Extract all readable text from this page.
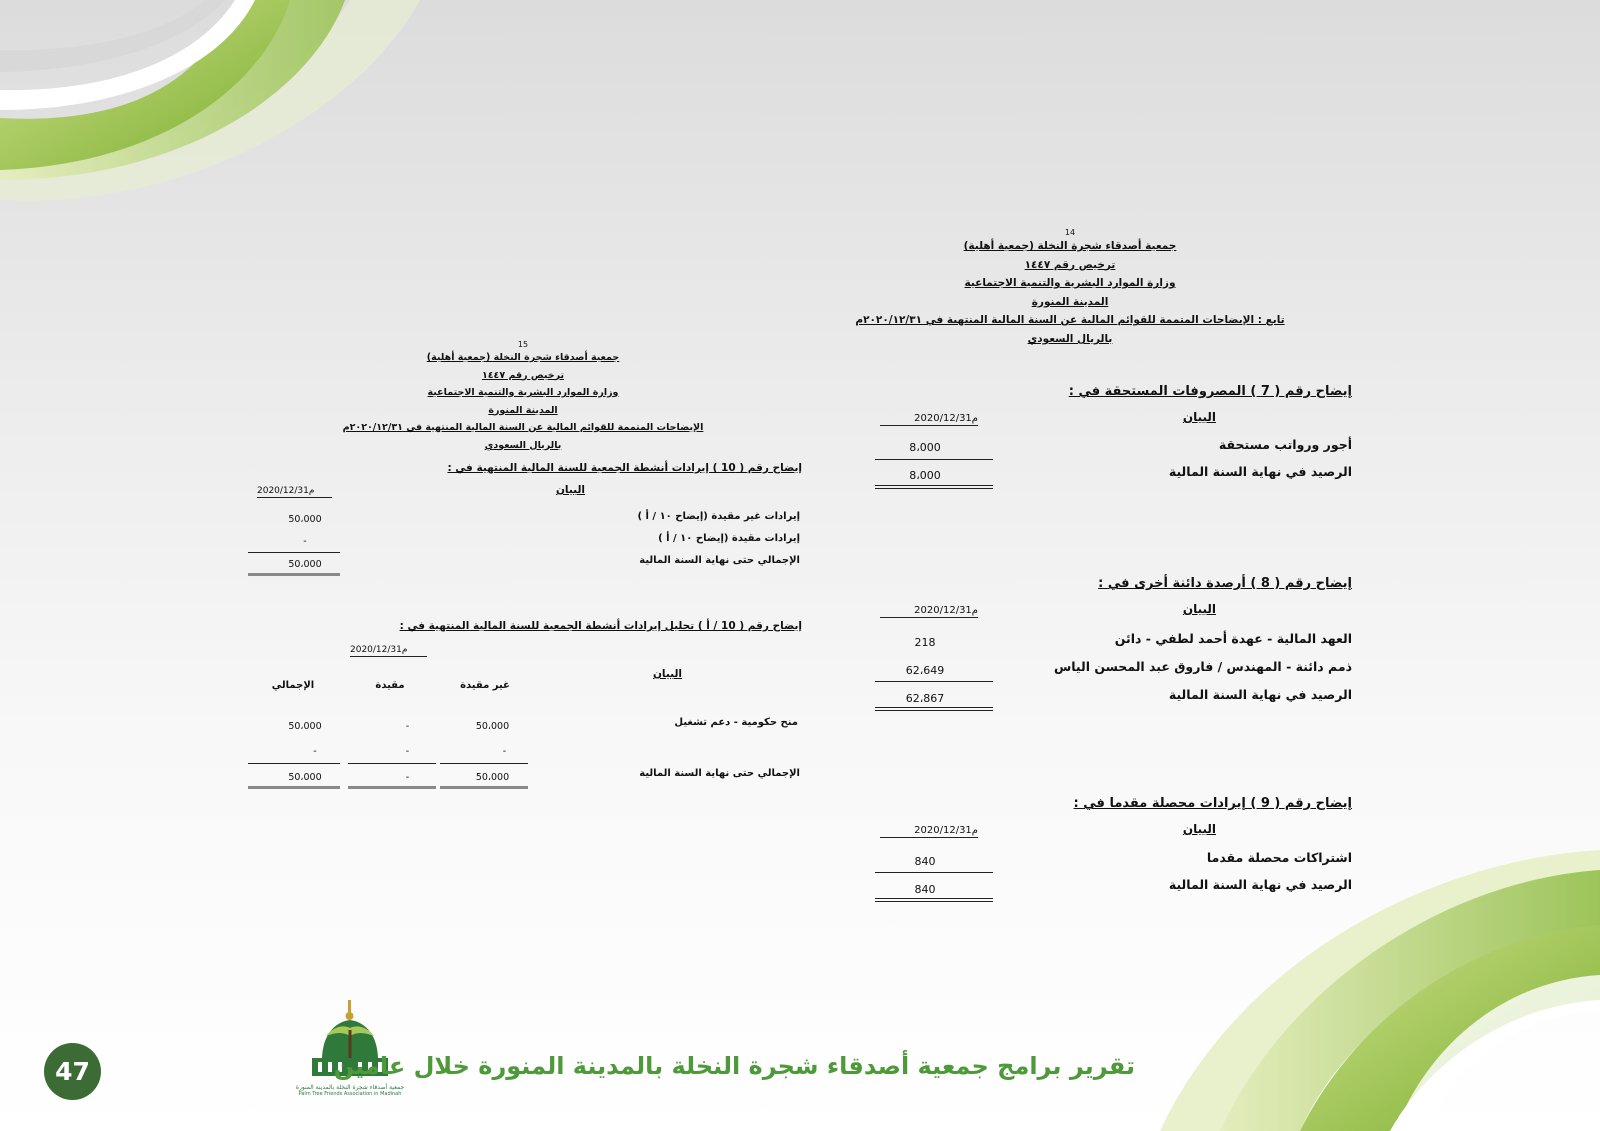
14
جمعية أصدقاء شجرة النخلة (جمعية أهلية)
ترخيص رقم ١٤٤٧
وزارة الموارد البشرية والتنمية الاجتماعية
المدينة المنورة
تابع : الإيضاحات المتممة للقوائم المالية عن السنة المالية المنتهية في ٢٠٢٠/١٢/٣١م
بالريال السعودي
إيضاح رقم ( 7 ) المصروفات المستحقة في :
البيان
2020/12/31م
أجور ورواتب مستحقة
8،000
الرصيد في نهاية السنة المالية
8،000
إيضاح رقم ( 8 ) أرصدة دائنة أخرى في :
البيان
2020/12/31م
العهد المالية - عهدة أحمد لطفي - دائن
218
ذمم دائنة - المهندس / فاروق عبد المحسن الياس
62،649
الرصيد في نهاية السنة المالية
62،867
إيضاح رقم ( 9 ) إيرادات محصلة مقدما في :
البيان
2020/12/31م
اشتراكات محصلة مقدما
840
الرصيد في نهاية السنة المالية
840
15
جمعية أصدقاء شجرة النخلة (جمعية أهلية)
ترخيص رقم ١٤٤٧
وزارة الموارد البشرية والتنمية الاجتماعية
المدينة المنورة
الإيضاحات المتممة للقوائم المالية عن السنة المالية المنتهية في ٢٠٢٠/١٢/٣١م
بالريال السعودي
إيضاح رقم ( 10 ) إيرادات أنشطة الجمعية للسنة المالية المنتهية في :
البيان
2020/12/31م
إيرادات غير مقيدة (إيضاح ١٠ / أ )
50،000
إيرادات مقيدة (إيضاح ١٠ / أ )
-
الإجمالي حتى نهاية السنة المالية
50،000
إيضاح رقم ( 10 / أ ) تحليل إيرادات أنشطة الجمعية للسنة المالية المنتهية في :
2020/12/31م
البيان
غير مقيدة
مقيدة
الإجمالي
منح حكومية - دعم تشغيل
50،000
-
50،000
-
-
-
الإجمالي حتى نهاية السنة المالية
50،000
-
50،000
47
جمعية أصدقاء شجرة النخلة بالمدينة المنورة
Palm Tree Friends Association in Madinah
تقرير برامج جمعية أصدقاء شجرة النخلة بالمدينة المنورة خلال عامين
